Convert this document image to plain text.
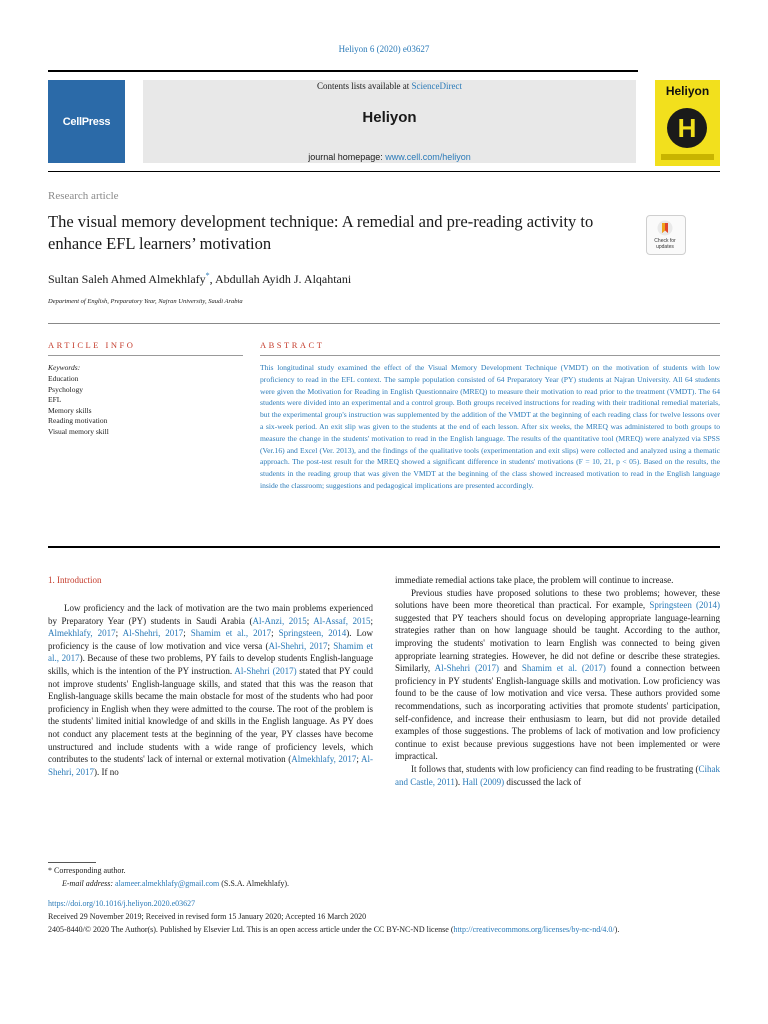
Heliyon 6 (2020) e03627
CellPress
Contents lists available at ScienceDirect
Heliyon
journal homepage: www.cell.com/heliyon
Heliyon
H
Research article
The visual memory development technique: A remedial and pre-reading activity to enhance EFL learners’ motivation	Check for updates
Sultan Saleh Ahmed Almekhlafy*, Abdullah Ayidh J. Alqahtani
Department of English, Preparatory Year, Najran University, Saudi Arabia
ARTICLE INFO	ABSTRACT
Keywords:
Education
Psychology
EFL
Memory skills
Reading motivation
Visual memory skill
This longitudinal study examined the effect of the Visual Memory Development Technique (VMDT) on the motivation of students with low proficiency to read in the EFL context. The sample population consisted of 64 Preparatory Year (PY) students at Najran University. All 64 students were given the Motivation for Reading in English Questionnaire (MREQ) to measure their motivation to read prior to the treatment (VMDT). The 64 students were divided into an experimental and a control group. Both groups received instructions for reading with their traditional remedial materials, but the experimental group's instruction was supplemented by the addition of the VMDT at the beginning of each reading class for twelve lessons over a six-week period. An exit slip was given to the students at the end of each lesson. After six weeks, the MREQ was administered to both groups to measure the change in the students' motivation to read in the English language. The results of the quantitative tool (MREQ) were analyzed via SPSS (Ver.16) and Excel (Ver. 2013), and the findings of the qualitative tools (experimentation and exit slips) were collected and analyzed using a thematic approach. The post-test result for the MREQ showed a significant difference in students' motivations (F = 10, 21, p < 05). Based on the results, the students in the reading group that was given the VMDT at the beginning of the class showed increased motivation to read in the English language inside the classroom; suggestions and pedagogical implications are presented accordingly.
1. Introduction

Low proficiency and the lack of motivation are the two main problems experienced by Preparatory Year (PY) students in Saudi Arabia (Al-Anzi, 2015; Al-Assaf, 2015; Almekhlafy, 2017; Al-Shehri, 2017; Shamim et al., 2017; Springsteen, 2014). Low proficiency is the cause of low motivation and vice versa (Al-Shehri, 2017; Shamim et al., 2017). Because of these two problems, PY fails to develop students English-language skills, which is the intention of the PY instruction. Al-Shehri (2017) stated that PY could not improve students' English-language skills, and stated that this was the reason that English-language skills became the main obstacle for most of the students who had poor proficiency in English when they were admitted to the course. The root of the problem is the students' limited initial knowledge of and skills in the English language. As PY does not conduct any placement tests at the beginning of the year, PY classes have become unstructured and include students with a wide range of proficiency levels, which contributes to the students' lack of internal or external motivation (Almekhlafy, 2017; Al-Shehri, 2017). If no

immediate remedial actions take place, the problem will continue to increase.

Previous studies have proposed solutions to these two problems; however, these solutions have been more theoretical than practical. For example, Springsteen (2014) suggested that PY teachers should focus on developing appropriate language-learning strategies rather than on how language should be taught. According to the author, improving the students' motivation to learn English was connected to being given appropriate learning strategies. However, he did not define or describe these strategies. Similarly, Al-Shehri (2017) and Shamim et al. (2017) found a connection between proficiency in PY students' English-language skills and motivation. Low proficiency was found to be the cause of low motivation and vice versa. These authors provided some recommendations, such as incorporating activities that promote students' participation, self-confidence, and increase their enthusiasm to learn, but did not provide detailed examples of those suggestions. The problems of lack of motivation and low proficiency continue to exist because previous suggestions have not been implemented or were impractical.

It follows that, students with low proficiency can find reading to be frustrating (Cihak and Castle, 2011). Hall (2009) discussed the lack of

* Corresponding author.
E-mail address: alameer.almekhlafy@gmail.com (S.S.A. Almekhlafy).
https://doi.org/10.1016/j.heliyon.2020.e03627
Received 29 November 2019; Received in revised form 15 January 2020; Accepted 16 March 2020
2405-8440/© 2020 The Author(s). Published by Elsevier Ltd. This is an open access article under the CC BY-NC-ND license (http://creativecommons.org/licenses/by-nc-nd/4.0/).
